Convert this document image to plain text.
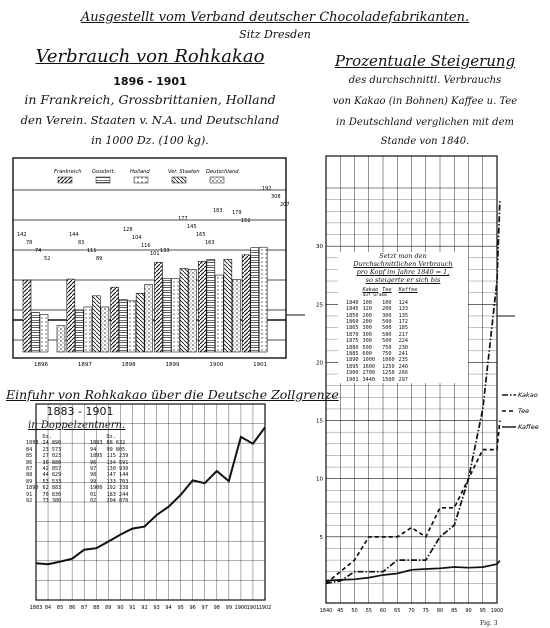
Ausgestellt vom Verband deutscher Chocoladefabrikanten.
Sitz Dresden
Verbrauch von Rohkakao
1896 - 1901
in Frankreich, Grossbrittanien, Holland
den Verein. Staaten v. N.A. und Deutschland
in 1000 Dz. (100 kg).
1896	1897	1898	1899	1900	1901
142
78
74
52
144
83
111
89
128
104
116
101 133
177
145
165
163
183 179
152
192
308
207
Frankreich Gossbrit.	Holland	Ver. Staaten Deutschland
Einfuhr von Rohkakao über die Deutsche Zollgrenze
1883 - 1901
in Doppelzentnern.
	Dz.
1883	24 890
84	23 573
85	27 023
86	30 880
87	42 857
88	44 829
89	53 533
1890	62 883
91	70 830
92	73 380
	Dz.
1893	88 632
94	99 805
1895	115 239
96	134 591
97	130 930
98	147 144
99	133 703
1900	192 338
01	183 244
02	204 870
1883 84 85 86 87 88 89 90 91 92 93 94 95 96 97 98 99 1900 1901 1902
Prozentuale Steigerung
des durchschnittl. Verbrauchs
von Kakao (in Bohnen) Kaffee u. Tee
in Deutschland verglichen mit dem
Stande von 1840.
5
10
15
20
25
30
1840 45 50 55 60 65 70 75 80 85 90 95 1900
Kakao
Tee
Kaffee
Setzt man den
Durchschnittlichen Verbrauch
pro Kopf im Jahre 1840 = 1,
so steigerte er sich bis
	Kakao	Tee	Kaffee
	auf Gramm		
1840	100	100	124
1845	120	200	133
1850	200	300	135
1860	200	500	172
1865	300	500	185
1870	300	580	217
1875	300	500	224
1880	500	750	230
1885	600	750	241
1890	1000	1000	235
1895	1600	1250	240
1900	2700	1250	266
1901	3440	1500	297
Fig. 3
